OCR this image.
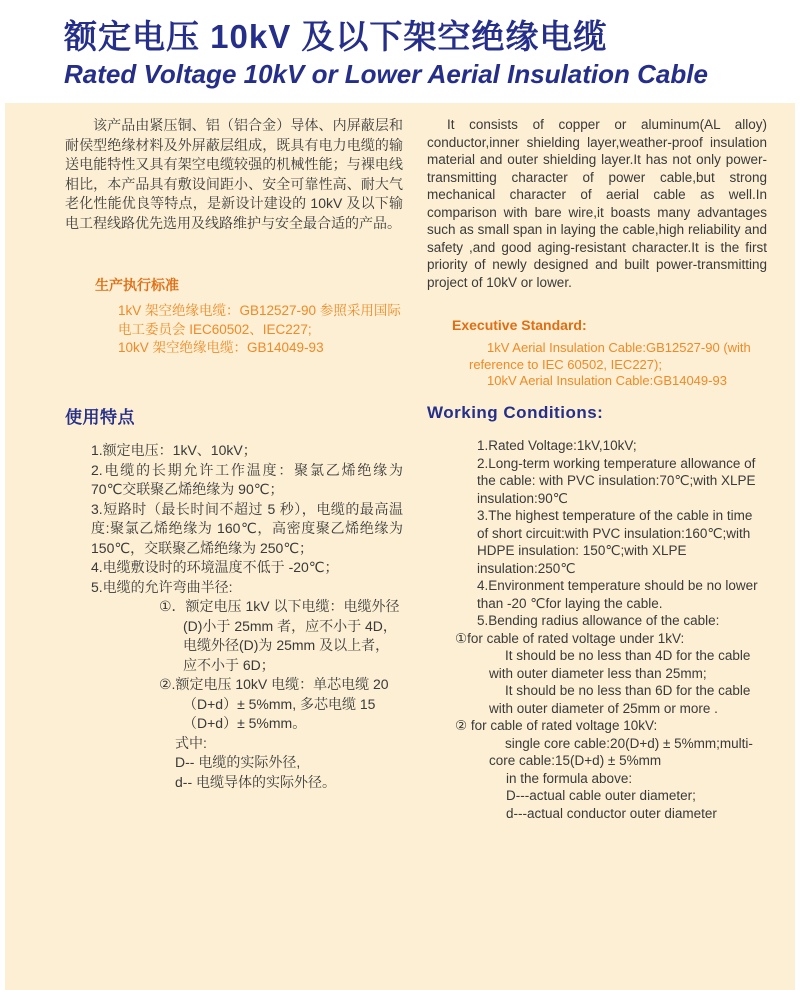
额定电压 10kV 及以下架空绝缘电缆
Rated Voltage 10kV or Lower Aerial Insulation Cable

该产品由紧压铜、铝（铝合金）导体、内屏蔽层和耐侯型绝缘材料及外屏蔽层组成，既具有电力电缆的输送电能特性又具有架空电缆较强的机械性能；与裸电线相比，本产品具有敷设间距小、安全可靠性高、耐大气老化性能优良等特点，是新设计建设的 10kV 及以下输电工程线路优先选用及线路维护与安全最合适的产品。

生产执行标准

1kV 架空绝缘电缆：GB12527-90 参照采用国际电工委员会 IEC60502、IEC227;

10kV 架空绝缘电缆：GB14049-93

It consists of copper or aluminum(AL alloy) conductor,inner shielding layer,weather-proof insulation material and outer shielding layer.It has not only power-transmitting character of power cable,but strong mechanical character of aerial cable as well.In comparison with bare wire,it boasts many advantages such as small span in laying the cable,high reliability and safety ,and good aging-resistant character.It is the first priority of newly designed and built power-transmitting project of 10kV or lower.

Executive Standard:

1kV Aerial Insulation Cable:GB12527-90 (with reference to IEC 60502, IEC227);

10kV Aerial Insulation Cable:GB14049-93

使用特点

1.额定电压：1kV、10kV；

2.电缆的长期允许工作温度：聚氯乙烯绝缘为 70℃交联聚乙烯绝缘为 90℃；

3.短路时（最长时间不超过 5 秒），电缆的最高温度:聚氯乙烯绝缘为 160℃，高密度聚乙烯绝缘为 150℃，交联聚乙烯绝缘为 250℃；

4.电缆敷设时的环境温度不低于 -20℃；

5.电缆的允许弯曲半径:

①．额定电压 1kV 以下电缆：电缆外径(D)小于 25mm 者，应不小于 4D，电缆外径(D)为 25mm 及以上者，应不小于 6D；

②.额定电压 10kV 电缆：单芯电缆 20（D+d）± 5%mm, 多芯电缆 15（D+d）± 5%mm。

式中:

D-- 电缆的实际外径,

d-- 电缆导体的实际外径。

Working Conditions:

1.Rated Voltage:1kV,10kV;

2.Long-term working temperature allowance of the cable: with PVC insulation:70℃;with XLPE insulation:90℃

3.The highest temperature of the cable in time of short circuit:with PVC insulation:160℃;with HDPE insulation: 150℃;with XLPE insulation:250℃

4.Environment temperature should be no lower than -20 ℃for laying the cable.

5.Bending radius allowance of the cable:

①for cable of rated voltage under 1kV:

It should be no less than 4D for the cable with outer diameter less than 25mm;

It should be no less than 6D for the cable with outer diameter of 25mm or more .

② for cable of rated voltage 10kV:

single core cable:20(D+d) ± 5%mm;multi-core cable:15(D+d) ± 5%mm

in the formula above:

D---actual cable outer diameter;

d---actual conductor outer diameter
